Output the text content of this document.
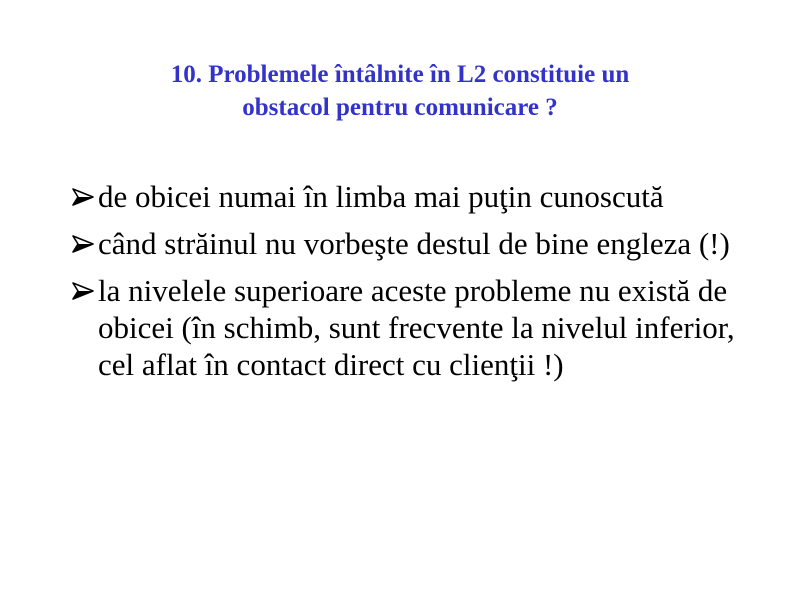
10. Problemele întâlnite în L2 constituie un
obstacol pentru comunicare ?
de obicei numai în limba mai puţin cunoscută
când străinul nu vorbeşte destul de bine engleza (!)
la nivelele superioare aceste probleme nu există de obicei (în schimb, sunt frecvente la nivelul inferior, cel aflat în contact direct cu clienţii !)
